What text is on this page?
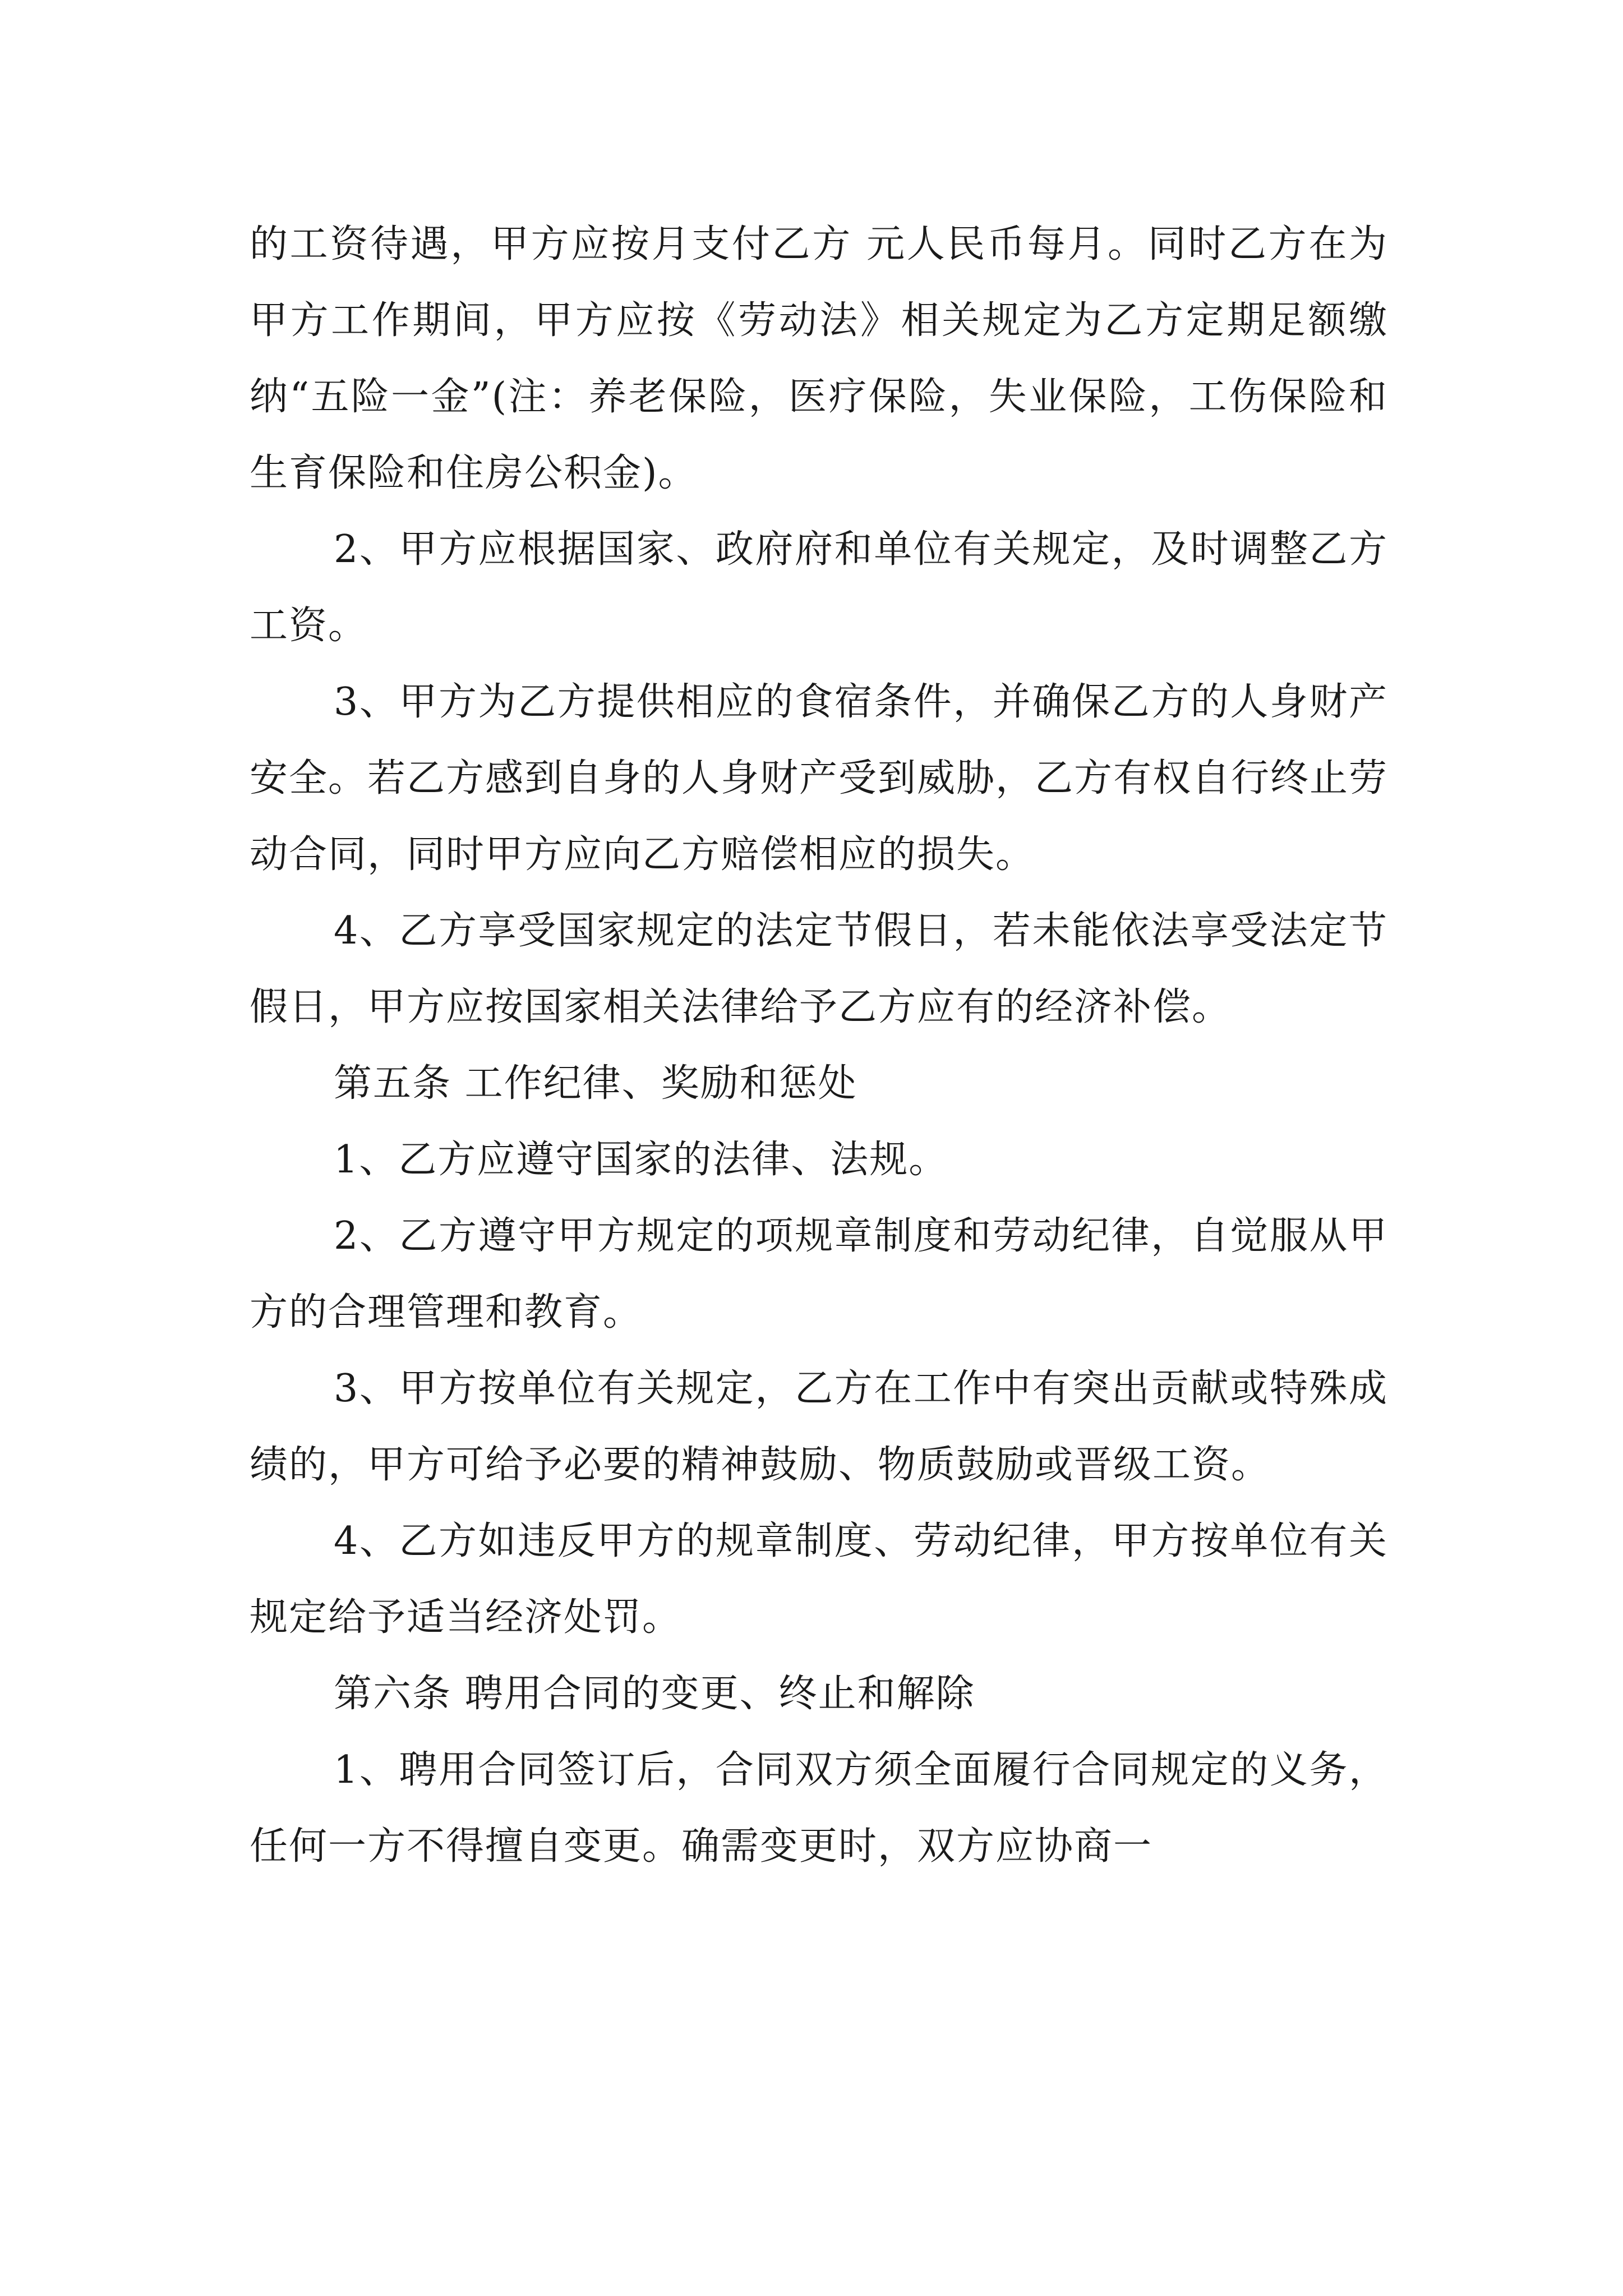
的工资待遇，甲方应按月支付乙方 元人民币每月。同时乙方在为甲方工作期间，甲方应按《劳动法》相关规定为乙方定期足额缴纳“五险一金”(注：养老保险，医疗保险，失业保险，工伤保险和生育保险和住房公积金)。

2、甲方应根据国家、政府府和单位有关规定，及时调整乙方工资。

3、甲方为乙方提供相应的食宿条件，并确保乙方的人身财产安全。若乙方感到自身的人身财产受到威胁，乙方有权自行终止劳动合同，同时甲方应向乙方赔偿相应的损失。

4、乙方享受国家规定的法定节假日，若未能依法享受法定节假日，甲方应按国家相关法律给予乙方应有的经济补偿。

第五条 工作纪律、奖励和惩处

1、乙方应遵守国家的法律、法规。

2、乙方遵守甲方规定的项规章制度和劳动纪律，自觉服从甲方的合理管理和教育。

3、甲方按单位有关规定，乙方在工作中有突出贡献或特殊成绩的，甲方可给予必要的精神鼓励、物质鼓励或晋级工资。

4、乙方如违反甲方的规章制度、劳动纪律，甲方按单位有关规定给予适当经济处罚。

第六条 聘用合同的变更、终止和解除

1、聘用合同签订后，合同双方须全面履行合同规定的义务，任何一方不得擅自变更。确需变更时，双方应协商一
